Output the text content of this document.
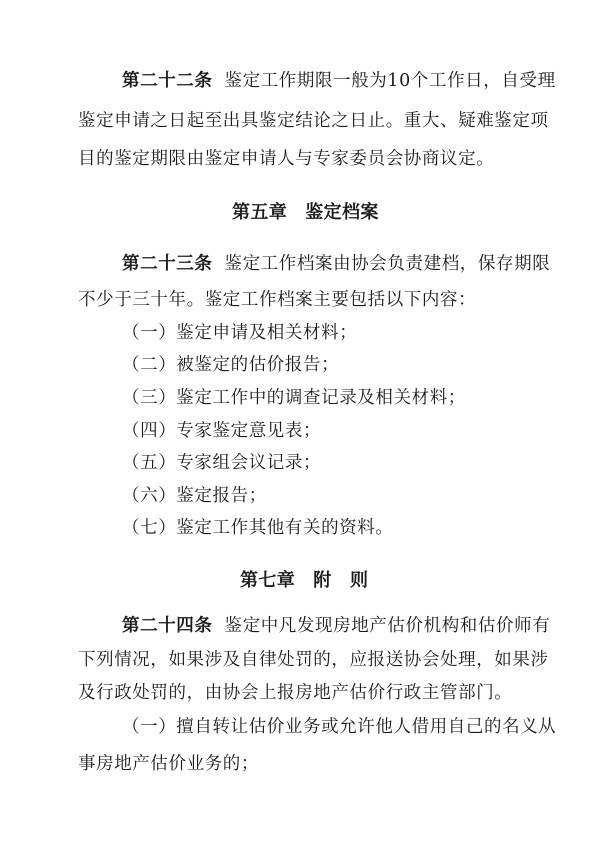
第二十二条 鉴定工作期限一般为10个工作日，自受理
鉴定申请之日起至出具鉴定结论之日止。重大、疑难鉴定项
目的鉴定期限由鉴定申请人与专家委员会协商议定。
第五章 鉴定档案
第二十三条 鉴定工作档案由协会负责建档，保存期限
不少于三十年。鉴定工作档案主要包括以下内容：
（一）鉴定申请及相关材料；
（二）被鉴定的估价报告；
（三）鉴定工作中的调查记录及相关材料；
（四）专家鉴定意见表；
（五）专家组会议记录；
（六）鉴定报告；
（七）鉴定工作其他有关的资料。
第七章 附　则
第二十四条 鉴定中凡发现房地产估价机构和估价师有
下列情况，如果涉及自律处罚的，应报送协会处理，如果涉
及行政处罚的，由协会上报房地产估价行政主管部门。
（一）擅自转让估价业务或允许他人借用自己的名义从
事房地产估价业务的；
